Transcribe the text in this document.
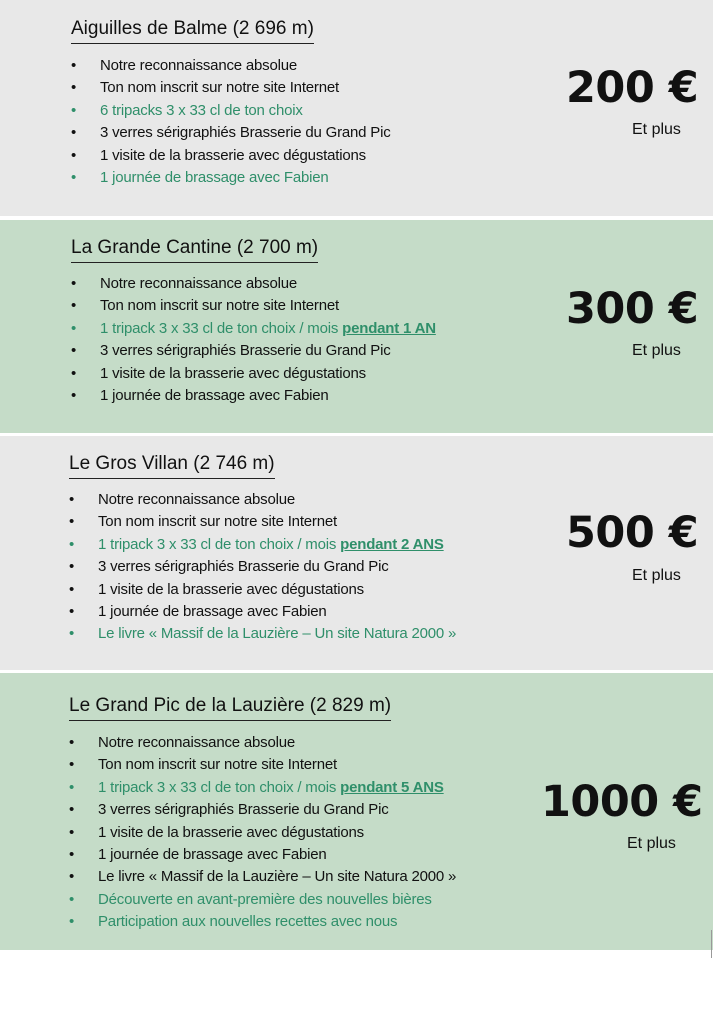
Aiguilles de Balme (2 696 m)
• Notre reconnaissance absolue
• Ton nom inscrit sur notre site Internet
• 6 tripacks 3 x 33 cl de ton choix
• 3 verres sérigraphiés Brasserie du Grand Pic
• 1 visite de la brasserie avec dégustations
• 1 journée de brassage avec Fabien
200 €
Et plus
La Grande Cantine (2 700 m)
• Notre reconnaissance absolue
• Ton nom inscrit sur notre site Internet
• 1 tripack 3 x 33 cl de ton choix / mois pendant 1 AN
• 3 verres sérigraphiés Brasserie du Grand Pic
• 1 visite de la brasserie avec dégustations
• 1 journée de brassage avec Fabien
300 €
Et plus
Le Gros Villan (2 746 m)
• Notre reconnaissance absolue
• Ton nom inscrit sur notre site Internet
• 1 tripack 3 x 33 cl de ton choix / mois pendant 2 ANS
• 3 verres sérigraphiés Brasserie du Grand Pic
• 1 visite de la brasserie avec dégustations
• 1 journée de brassage avec Fabien
• Le livre « Massif de la Lauzière – Un site Natura 2000 »
500 €
Et plus
Le Grand Pic de la Lauzière (2 829 m)
• Notre reconnaissance absolue
• Ton nom inscrit sur notre site Internet
• 1 tripack 3 x 33 cl de ton choix / mois pendant 5 ANS
• 3 verres sérigraphiés Brasserie du Grand Pic
• 1 visite de la brasserie avec dégustations
• 1 journée de brassage avec Fabien
• Le livre « Massif de la Lauzière – Un site Natura 2000 »
• Découverte en avant-première des nouvelles bières
• Participation aux nouvelles recettes avec nous
1000 €
Et plus
